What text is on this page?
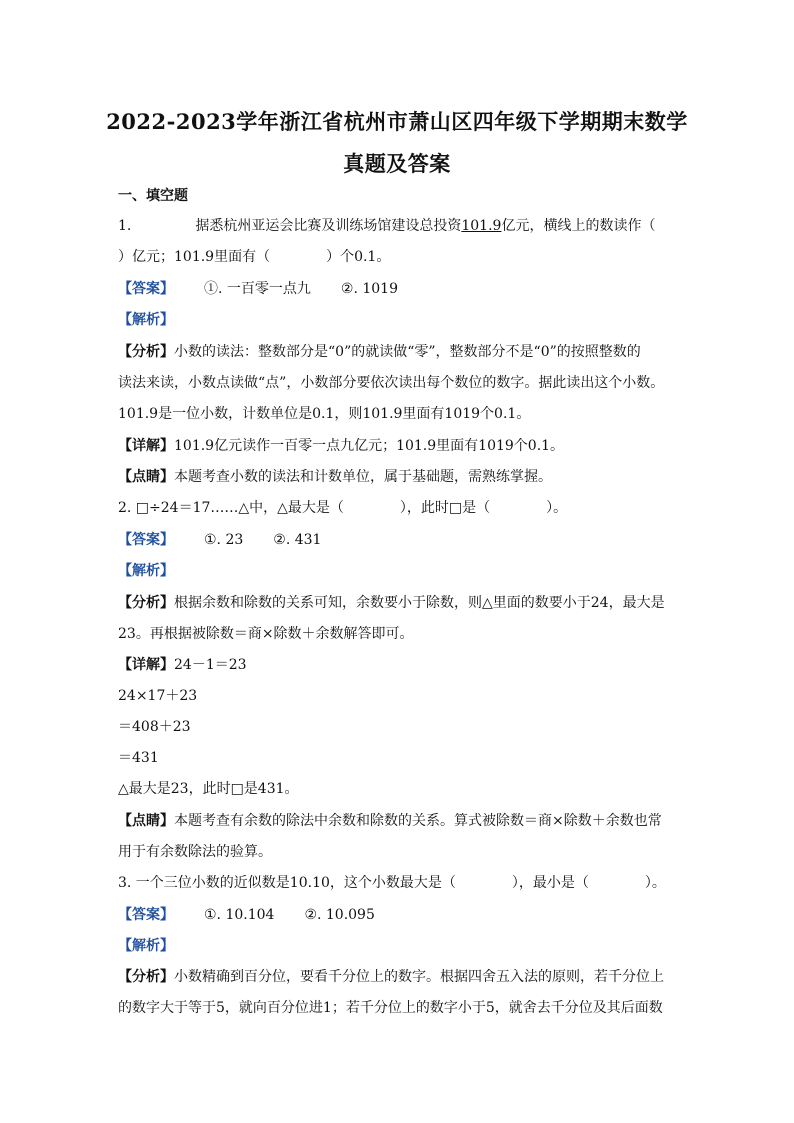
2022-2023学年浙江省杭州市萧山区四年级下学期期末数学
真题及答案
一、填空题
1.	据悉杭州亚运会比赛及训练场馆建设总投资101.9亿元，横线上的数读作（
）亿元；101.9里面有（　　　　）个0.1。
【答案】 ①. 一百零一点九 ②. 1019
【解析】
【分析】小数的读法：整数部分是“0”的就读做“零”，整数部分不是“0”的按照整数的
读法来读，小数点读做“点”，小数部分要依次读出每个数位的数字。据此读出这个小数。
101.9是一位小数，计数单位是0.1，则101.9里面有1019个0.1。
【详解】101.9亿元读作一百零一点九亿元；101.9里面有1019个0.1。
【点睛】本题考查小数的读法和计数单位，属于基础题，需熟练掌握。
2. □÷24＝17……△中，△最大是（　　　　），此时□是（　　　　）。
【答案】 ①. 23 ②. 431
【解析】
【分析】根据余数和除数的关系可知，余数要小于除数，则△里面的数要小于24，最大是
23。再根据被除数＝商×除数＋余数解答即可。
【详解】24－1＝23
24×17＋23
＝408＋23
＝431
△最大是23，此时□是431。
【点睛】本题考查有余数的除法中余数和除数的关系。算式被除数＝商×除数＋余数也常
用于有余数除法的验算。
3. 一个三位小数的近似数是10.10，这个小数最大是（　　　　），最小是（　　　　）。
【答案】 ①. 10.104 ②. 10.095
【解析】
【分析】小数精确到百分位，要看千分位上的数字。根据四舍五入法的原则，若千分位上
的数字大于等于5，就向百分位进1；若千分位上的数字小于5，就舍去千分位及其后面数
